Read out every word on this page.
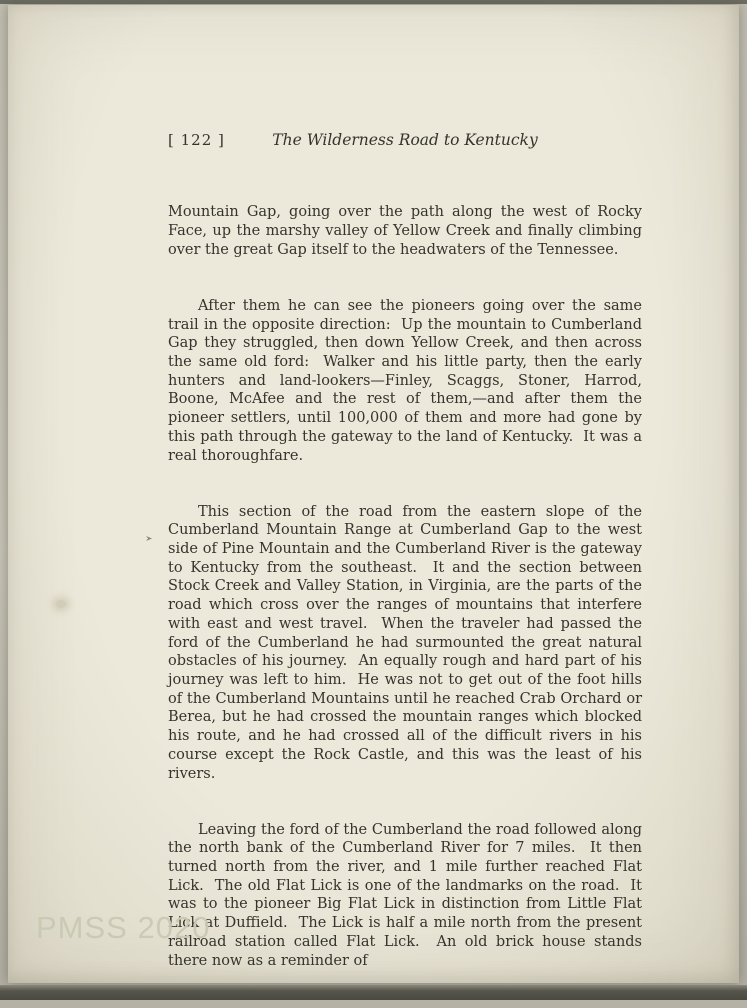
[ 122 ]	The Wilderness Road to Kentucky

Mountain Gap, going over the path along the west of Rocky Face, up the marshy valley of Yellow Creek and finally climbing over the great Gap itself to the headwaters of the Tennessee.

After them he can see the pioneers going over the same trail in the opposite direction:  Up the mountain to Cumberland Gap they struggled, then down Yellow Creek, and then across the same old ford:  Walker and his little party, then the early hunters and land-lookers—Finley, Scaggs, Stoner, Harrod, Boone, McAfee and the rest of them,—and after them the pioneer settlers, until 100,000 of them and more had gone by this path through the gateway to the land of Kentucky.  It was a real thoroughfare.

This section of the road from the eastern slope of the Cumberland Mountain Range at Cumberland Gap to the west side of Pine Mountain and the Cumberland River is the gateway to Kentucky from the southeast.  It and the section between Stock Creek and Valley Station, in Virginia, are the parts of the road which cross over the ranges of mountains that interfere with east and west travel.  When the traveler had passed the ford of the Cumberland he had surmounted the great natural obstacles of his journey.  An equally rough and hard part of his journey was left to him.  He was not to get out of the foot hills of the Cumberland Mountains until he reached Crab Orchard or Berea, but he had crossed the mountain ranges which blocked his route, and he had crossed all of the difficult rivers in his course except the Rock Castle, and this was the least of his rivers.

Leaving the ford of the Cumberland the road followed along the north bank of the Cumberland River for 7 miles.  It then turned north from the river, and 1 mile further reached Flat Lick.  The old Flat Lick is one of the landmarks on the road.  It was to the pioneer Big Flat Lick in distinction from Little Flat Lick at Duffield.  The Lick is half a mile north from the present railroad station called Flat Lick.  An old brick house stands there now as a reminder of

PMSS 2020
